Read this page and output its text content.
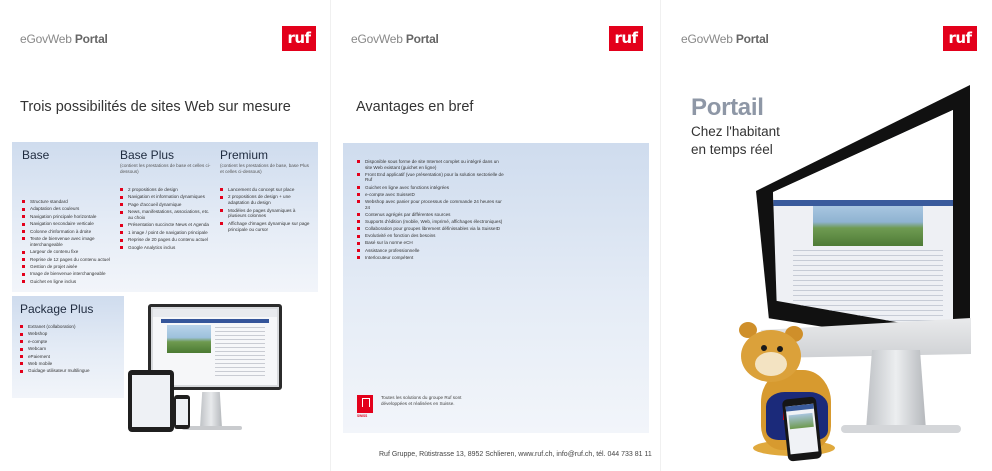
eGovWeb Portal	ruf
Trois possibilités de sites Web sur mesure
Base
Structure standard
Adaptation des couleurs
Navigation principale horizontale
Navigation secondaire verticale
Colonne d'information à droite
Texte de bienvenue avec image interchangeable
Largeur de contenu fixe
Reprise de 12 pages du contenu actuel
Gestion de projet aisée
Image de bienvenue interchangeable
Guichet en ligne inclus
Base Plus
(contient les prestations de base et celles ci-dessous)
2 propositions de design
Navigation et information dynamiques
Page d'accueil dynamique
News, manifestations, associations, etc. au choix
Présentation succincte News et Agenda
1 image / point de navigation principale
Reprise de 20 pages du contenu actuel
Google Analytics inclus
Premium
(contient les prestations de base, base Plus et celles ci-dessous)
Lancement du concept sur place
2 propositions de design + une adaptation du design
Modèles de pages dynamiques à plusieurs colonnes
Affichage d'images dynamique sur page principale ou cursor
Package Plus
Extranet (collaboration)
Webshop
e-compte
Webcam
ePaiement
Web mobile
Guidage utilisateur multilingue
eGovWeb Portal	ruf
Avantages en bref
Disponible sous forme de site Internet complet ou intégré dans un site Web existant (guichet en ligne)
Front End applicatif (vue présentation) pour la solution sectorielle de Ruf
Guichet en ligne avec fonctions intégrées
e-compte avec SuisseID
Webshop avec panier pour processus de commande 24 heures sur 24
Contenus agrégés par différentes sources
Supports d'édition (mobile, Web, imprimé, affichages électroniques)
Collaboration pour groupes librement définissables via la SuisseID
Evolutivité en fonction des besoins
Basé sur la norme eCH
Assistance professionnelle
Interlocuteur compétent
SWISS
Toutes les solutions du groupe Ruf sont développées et réalisées en Suisse.
Ruf Gruppe, Rütistrasse 13, 8952 Schlieren, www.ruf.ch, info@ruf.ch, tél. 044 733 81 11
eGovWeb Portal	ruf
Portail
Chez l'habitant
en temps réel
